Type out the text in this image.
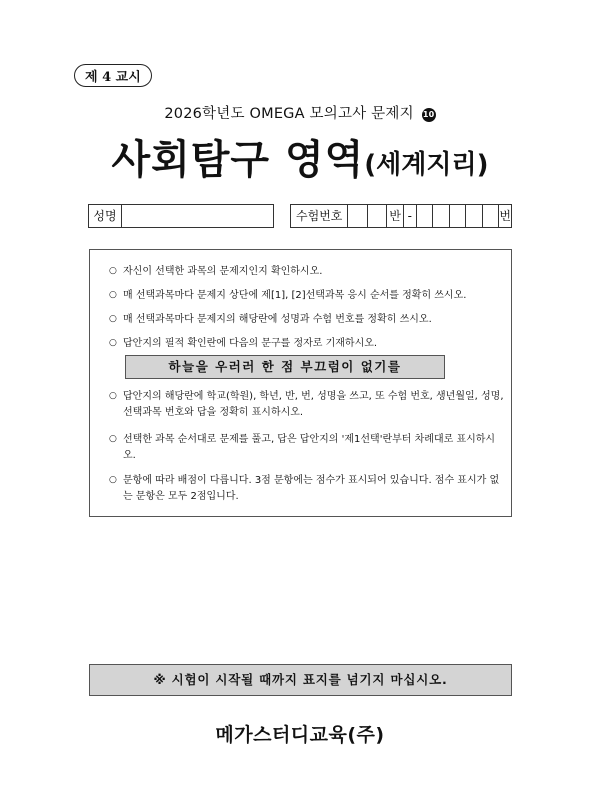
제 4 교시
2026학년도 OMEGA 모의고사 문제지 10
사회탐구 영역(세계지리)
성명	수험번호	반 -	번
○ 자신이 선택한 과목의 문제지인지 확인하시오.
○ 매 선택과목마다 문제지 상단에 제[1], [2]선택과목 응시 순서를 정확히 쓰시오.
○ 매 선택과목마다 문제지의 해당란에 성명과 수험 번호를 정확히 쓰시오.
○ 답안지의 필적 확인란에 다음의 문구를 정자로 기재하시오.
하늘을 우러러 한 점 부끄럼이 없기를
○ 답안지의 해당란에 학교(학원), 학년, 반, 번, 성명을 쓰고, 또 수험 번호, 생년월일, 성명, 선택과목 번호와 답을 정확히 표시하시오.
○ 선택한 과목 순서대로 문제를 풀고, 답은 답안지의 '제1선택'란부터 차례대로 표시하시오.
○ 문항에 따라 배점이 다릅니다. 3점 문항에는 점수가 표시되어 있습니다. 점수 표시가 없는 문항은 모두 2점입니다.
※ 시험이 시작될 때까지 표지를 넘기지 마십시오.
메가스터디교육(주)
